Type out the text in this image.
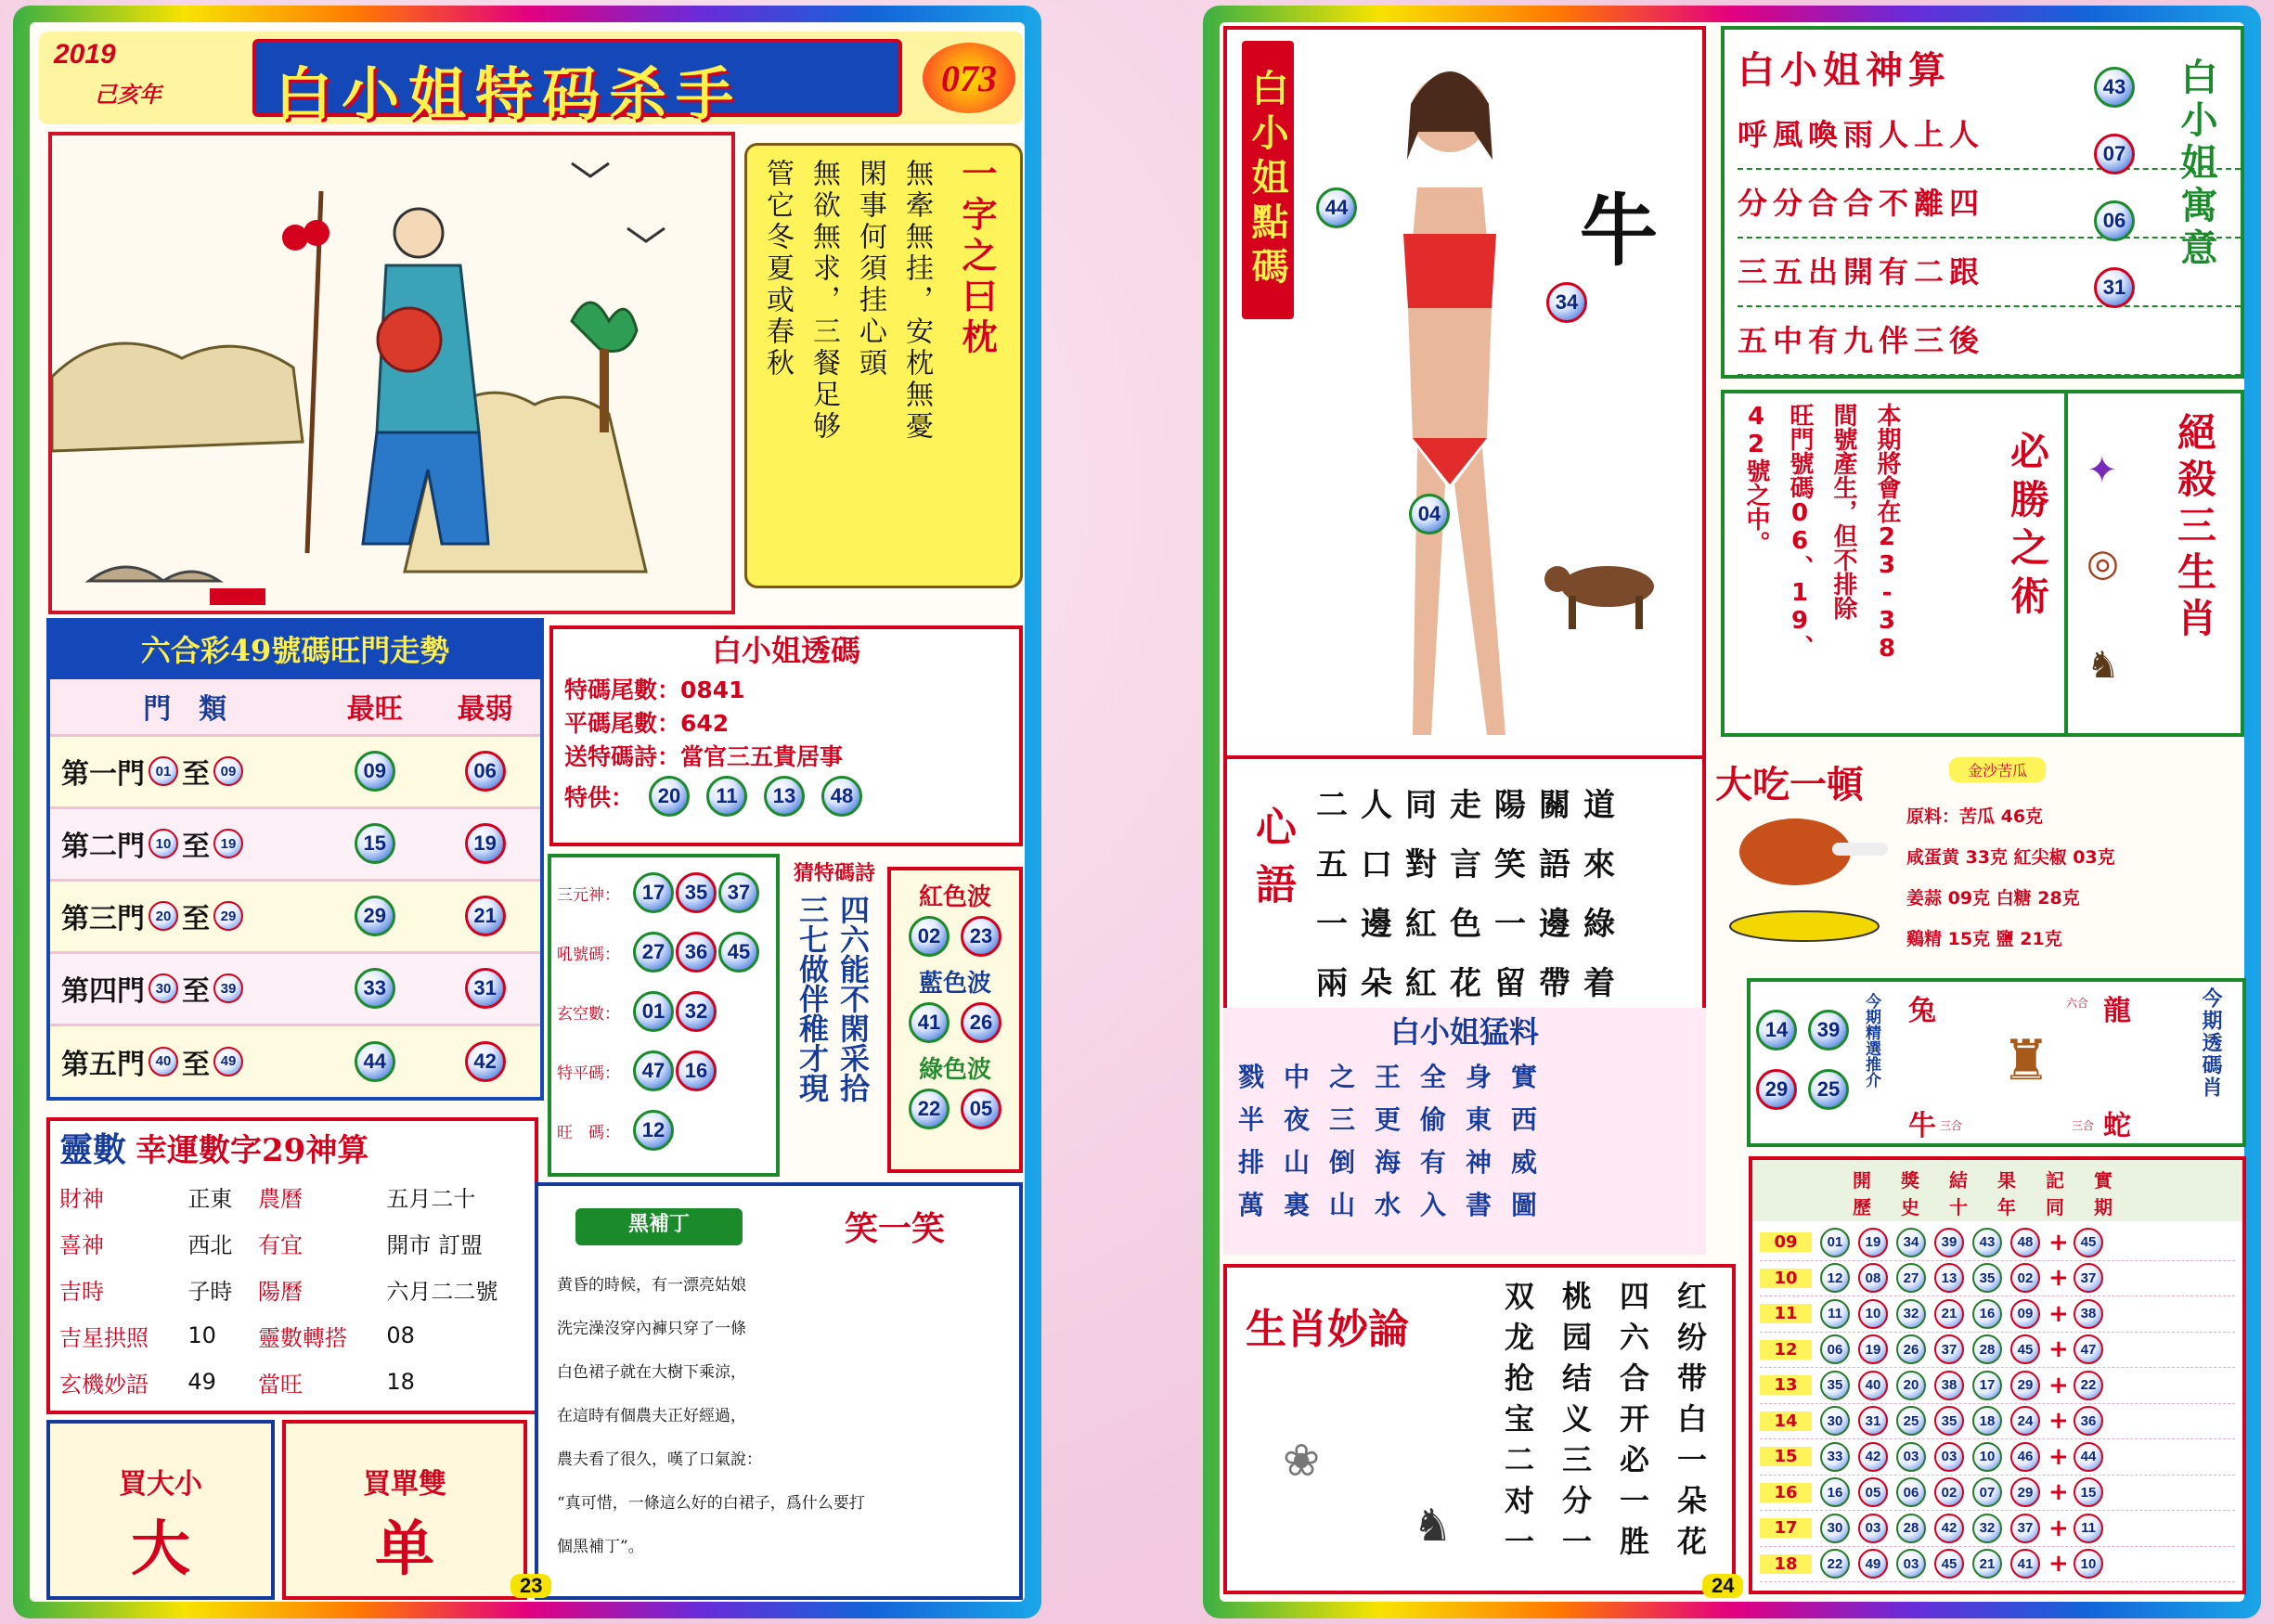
2019
己亥年 白小姐特码杀手	073
一字之曰枕
無牽無挂，安枕無憂
閑事何須挂心頭
無欲無求，三餐足够
管它冬夏或春秋
六合彩49號碼旺門走勢
門　類	最旺	最弱

第一門 01 至 09	09	06

第二門 10 至 19	15	19

第三門 20 至 29	29	21

第四門 30 至 39	33	31

第五門 40 至 49	44	42
白小姐透碼
特碼尾數：0841
平碼尾數：642
送特碼詩：當官三五貴居事
特供：	20	11	13	48
三元神：	17 35 37
吼號碼：	27 36 45
玄空數：	01 32
特平碼：	47 16
旺　碼：	12
猜特碼詩
四六能不閑采拾
三七做伴稚才現	紅色波
02	23
藍色波
41	26
綠色波
22	05
靈數 幸運數字29神算
財神	正東	農曆	五月二十
喜神	西北	有宜	開市 訂盟
吉時	子時	陽曆	六月二二號
吉星拱照	10	靈數轉搭	08
玄機妙語	49	當旺	18
買大小
大
買單雙
单
黑補丁	笑一笑
黄昏的時候，有一漂亮姑娘
洗完澡沒穿內褲只穿了一條
白色裙子就在大樹下乘涼，
在這時有個農夫正好經過，
農夫看了很久，嘆了口氣說：
“真可惜，一條這么好的白裙子，爲什么要打
個黑補丁”。
23
白小姐點碼	44
34
04
牛
心語 二人同走陽關道
五口對言笑語來
一邊紅色一邊綠
兩朵紅花留帶着
白小姐神算
呼風喚雨人上人
分分合合不離四
三五出開有二跟
五中有九伴三後
43
07
06
31
白小姐寓意
本期將會在23-38
間號產生，但不排除
旺門號碼06、19、
42號之中。	必勝之術	絕殺三生肖
✦
◎
♞
白小姐猛料
戮中之王全身實
半夜三更偷東西
排山倒海有神威
萬裏山水入書圖
大吃一頓	金沙苦瓜
原料：苦瓜 46克
咸蛋黄 33克 紅尖椒 03克
姜蒜 09克 白糖 28克
鷄精 15克 鹽 21克
14	39
29	25
今期精選推介 兔	龍
牛	蛇
六合
三合	三合
♜	今期透碼肖
生肖妙論	红纷带白一朵花
四六合开必一胜
桃园结义三分一
双龙抢宝二对一
❀
♞
開獎結果記實
歷史十年同期
09	01	19	34	39	43	48 + 45
10	12	08	27	13	35	02 + 37
11	11	10	32	21	16	09 + 38
12	06	19	26	37	28	45 + 47
13	35	40	20	38	17	29 + 22
14	30	31	25	35	18	24 + 36
15	33	42	03	03	10	46 + 44
16	16	05	06	02	07	29 + 15
17	30	03	28	42	32	37 + 11
18	22	49	03	45	21	41 + 10
24
